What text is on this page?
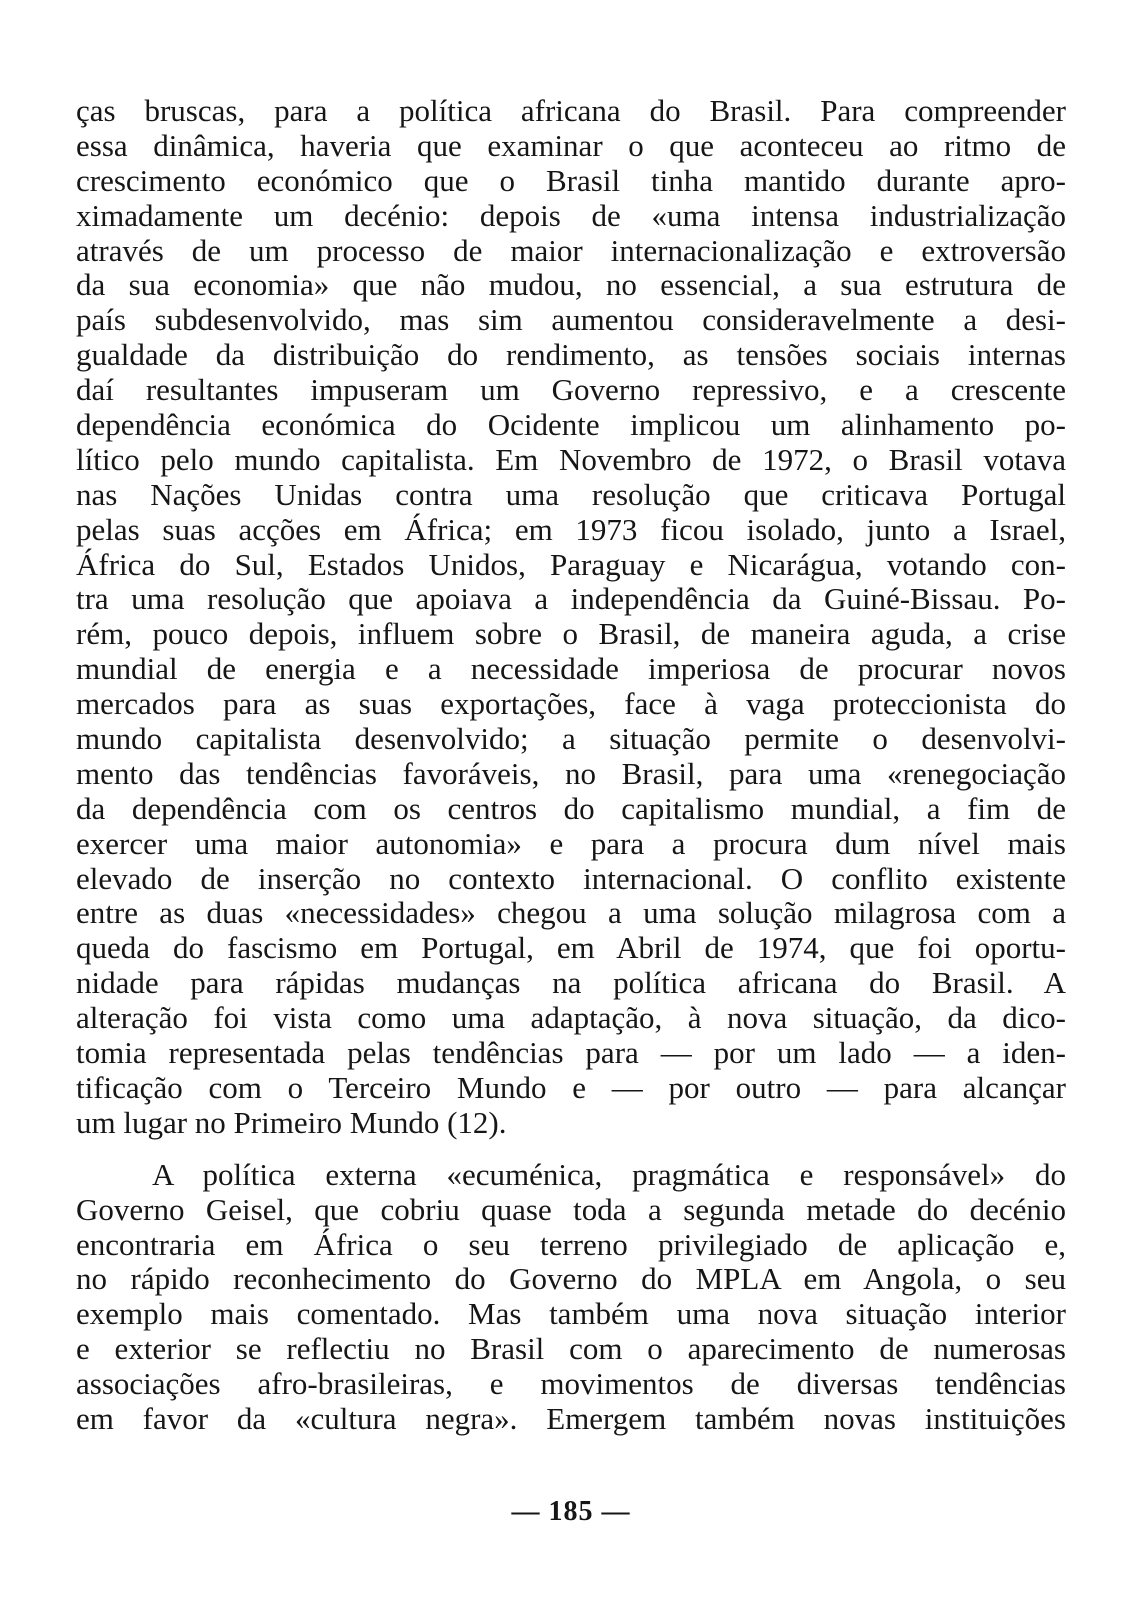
ças bruscas, para a política africana do Brasil. Para compreender
essa dinâmica, haveria que examinar o que aconteceu ao ritmo de
crescimento económico que o Brasil tinha mantido durante apro-
ximadamente um decénio: depois de «uma intensa industrialização
através de um processo de maior internacionalização e extroversão
da sua economia» que não mudou, no essencial, a sua estrutura de
país subdesenvolvido, mas sim aumentou consideravelmente a desi-
gualdade da distribuição do rendimento, as tensões sociais internas
daí resultantes impuseram um Governo repressivo, e a crescente
dependência económica do Ocidente implicou um alinhamento po-
lítico pelo mundo capitalista. Em Novembro de 1972, o Brasil votava
nas Nações Unidas contra uma resolução que criticava Portugal
pelas suas acções em África; em 1973 ficou isolado, junto a Israel,
África do Sul, Estados Unidos, Paraguay e Nicarágua, votando con-
tra uma resolução que apoiava a independência da Guiné-Bissau. Po-
rém, pouco depois, influem sobre o Brasil, de maneira aguda, a crise
mundial de energia e a necessidade imperiosa de procurar novos
mercados para as suas exportações, face à vaga proteccionista do
mundo capitalista desenvolvido; a situação permite o desenvolvi-
mento das tendências favoráveis, no Brasil, para uma «renegociação
da dependência com os centros do capitalismo mundial, a fim de
exercer uma maior autonomia» e para a procura dum nível mais
elevado de inserção no contexto internacional. O conflito existente
entre as duas «necessidades» chegou a uma solução milagrosa com a
queda do fascismo em Portugal, em Abril de 1974, que foi oportu-
nidade para rápidas mudanças na política africana do Brasil. A
alteração foi vista como uma adaptação, à nova situação, da dico-
tomia representada pelas tendências para — por um lado — a iden-
tificação com o Terceiro Mundo e — por outro — para alcançar
um lugar no Primeiro Mundo (12).
A política externa «ecuménica, pragmática e responsável» do
Governo Geisel, que cobriu quase toda a segunda metade do decénio
encontraria em África o seu terreno privilegiado de aplicação e,
no rápido reconhecimento do Governo do MPLA em Angola, o seu
exemplo mais comentado. Mas também uma nova situação interior
e exterior se reflectiu no Brasil com o aparecimento de numerosas
associações afro-brasileiras, e movimentos de diversas tendências
em favor da «cultura negra». Emergem também novas instituições
— 185 —
